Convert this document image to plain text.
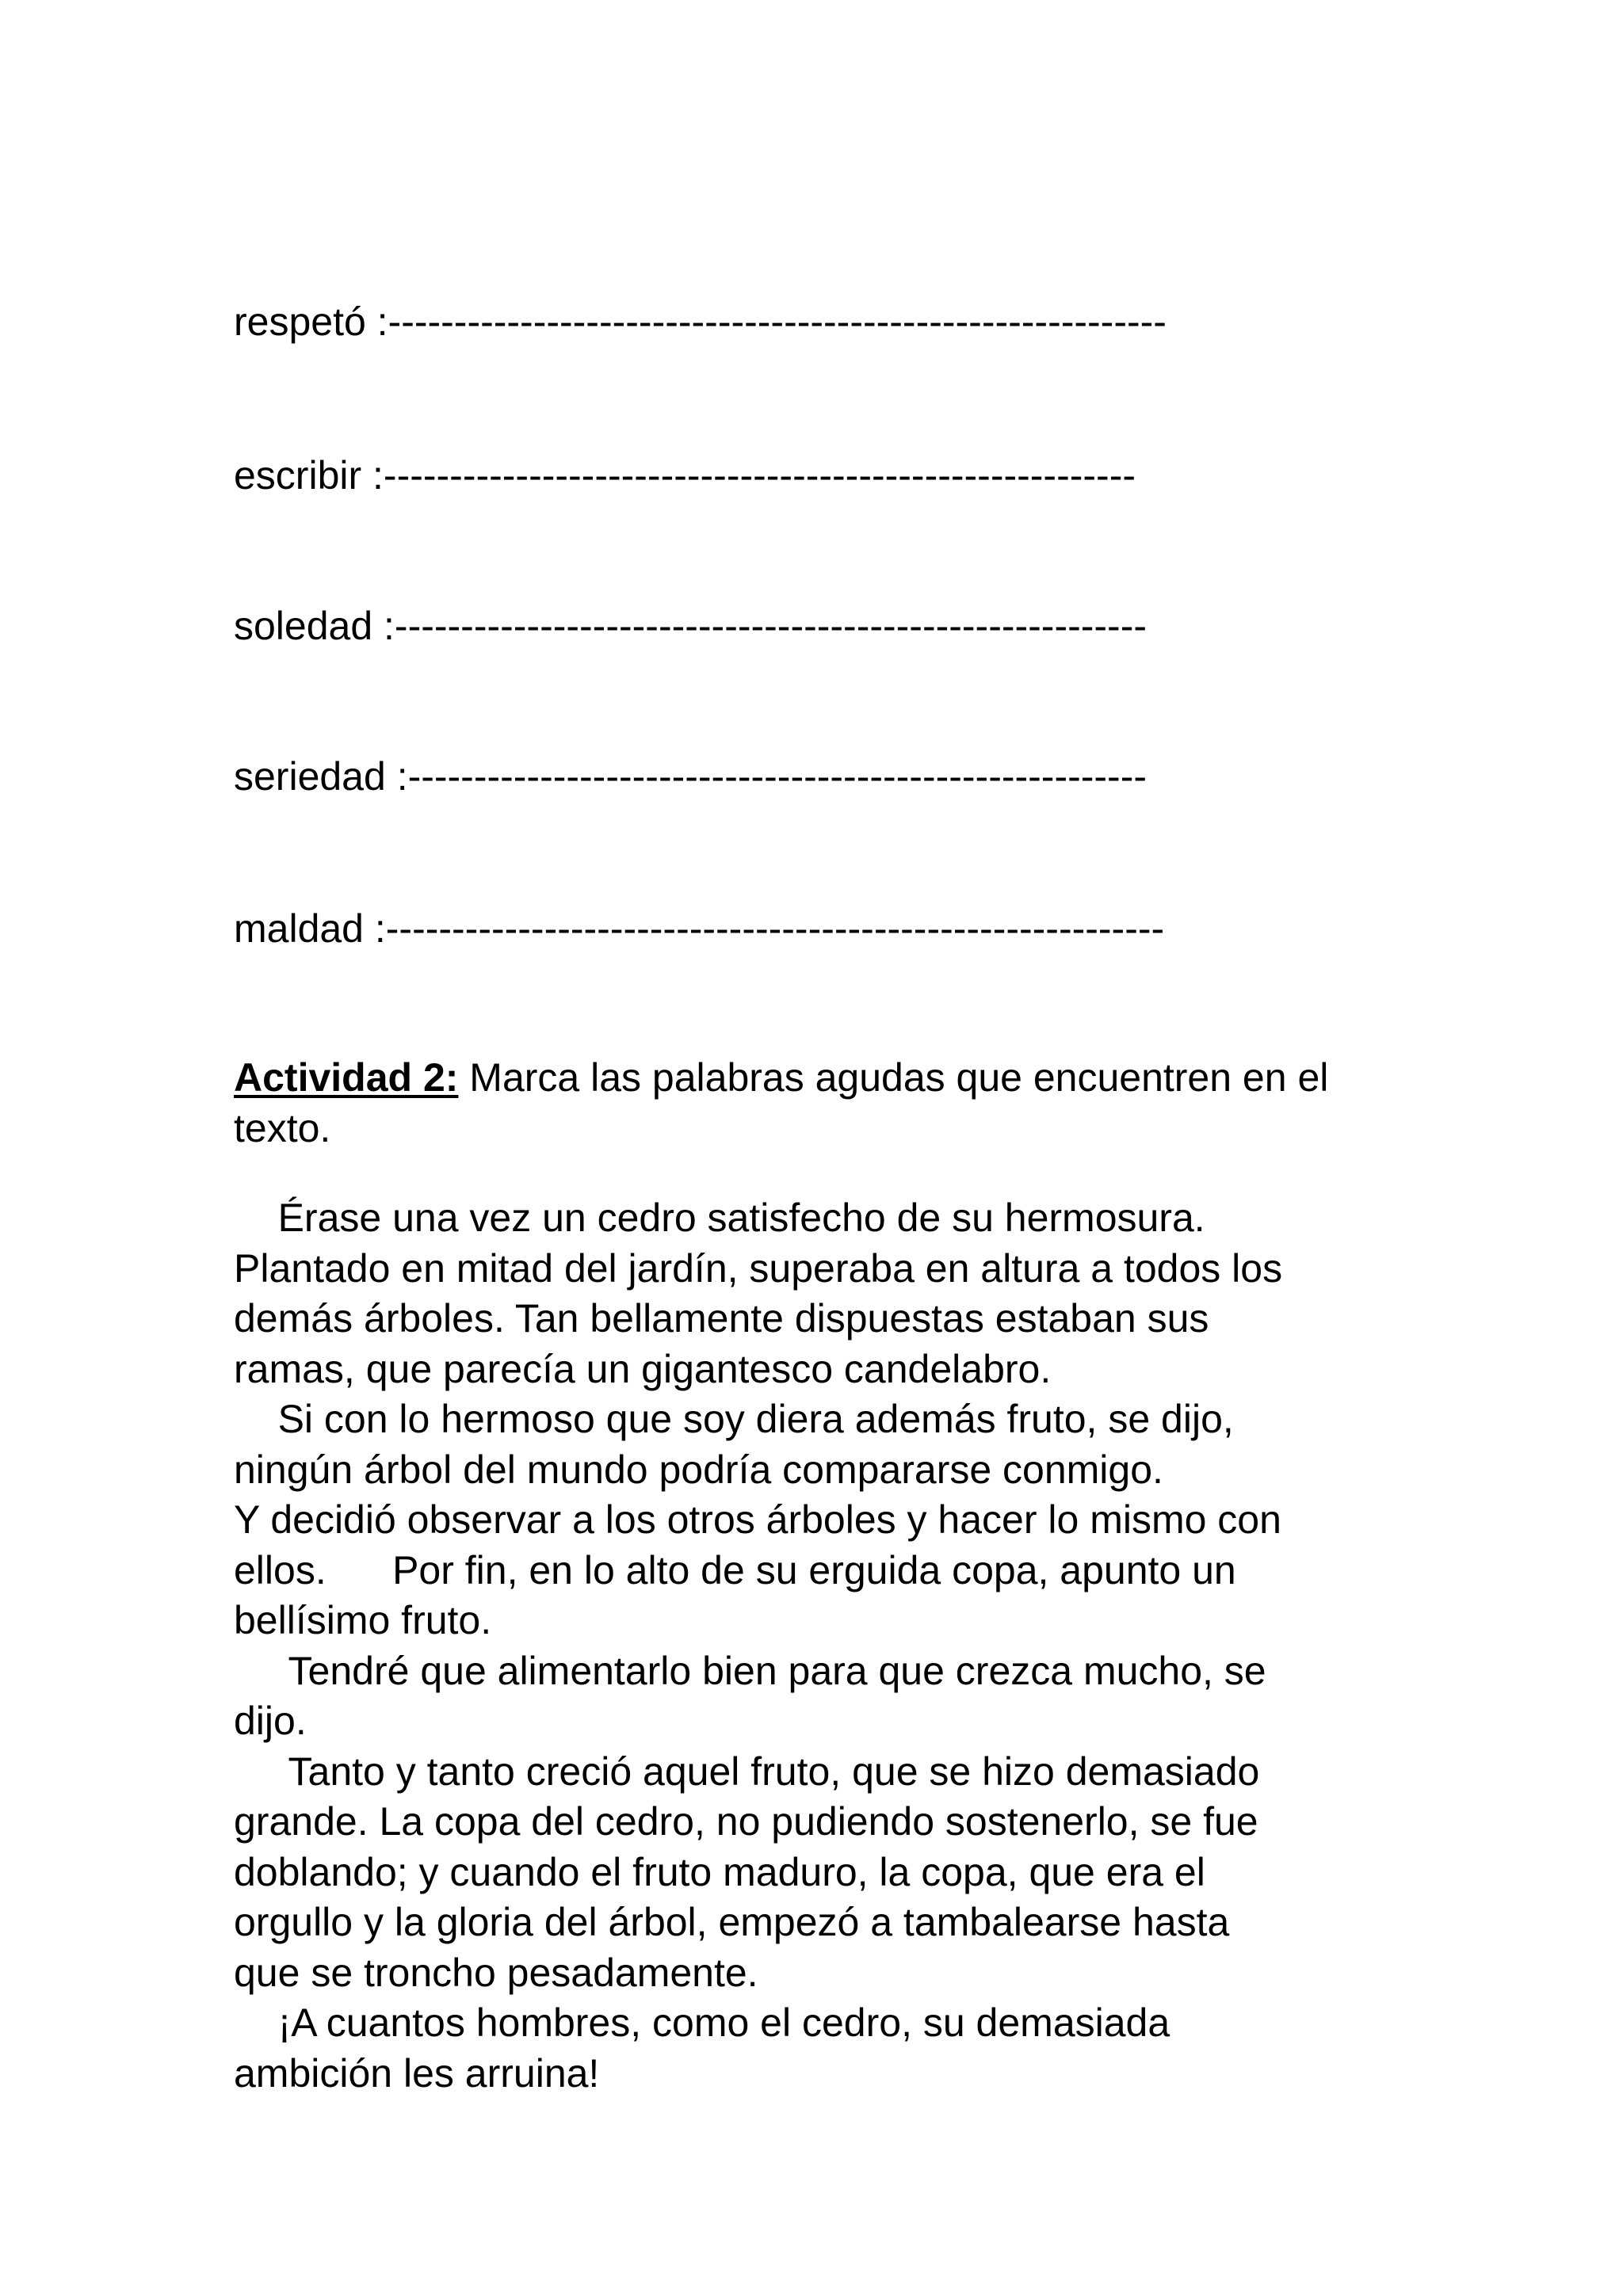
respetó :-----------------------------------------------------------

escribir :---------------------------------------------------------

soledad :---------------------------------------------------------

seriedad :--------------------------------------------------------

maldad :-----------------------------------------------------------

Actividad 2: Marca las palabras agudas que encuentren en el texto.

Érase una vez un cedro satisfecho de su hermosura.
Plantado en mitad del jardín, superaba en altura a todos los
demás árboles. Tan bellamente dispuestas estaban sus
ramas, que parecía un gigantesco candelabro.
Si con lo hermoso que soy diera además fruto, se dijo,
ningún árbol del mundo podría compararse conmigo.
Y decidió observar a los otros árboles y hacer lo mismo con
ellos.      Por fin, en lo alto de su erguida copa, apunto un
bellísimo fruto.
Tendré que alimentarlo bien para que crezca mucho, se
dijo.
Tanto y tanto creció aquel fruto, que se hizo demasiado
grande. La copa del cedro, no pudiendo sostenerlo, se fue
doblando; y cuando el fruto maduro, la copa, que era el
orgullo y la gloria del árbol, empezó a tambalearse hasta
que se troncho pesadamente.
¡A cuantos hombres, como el cedro, su demasiada
ambición les arruina!
